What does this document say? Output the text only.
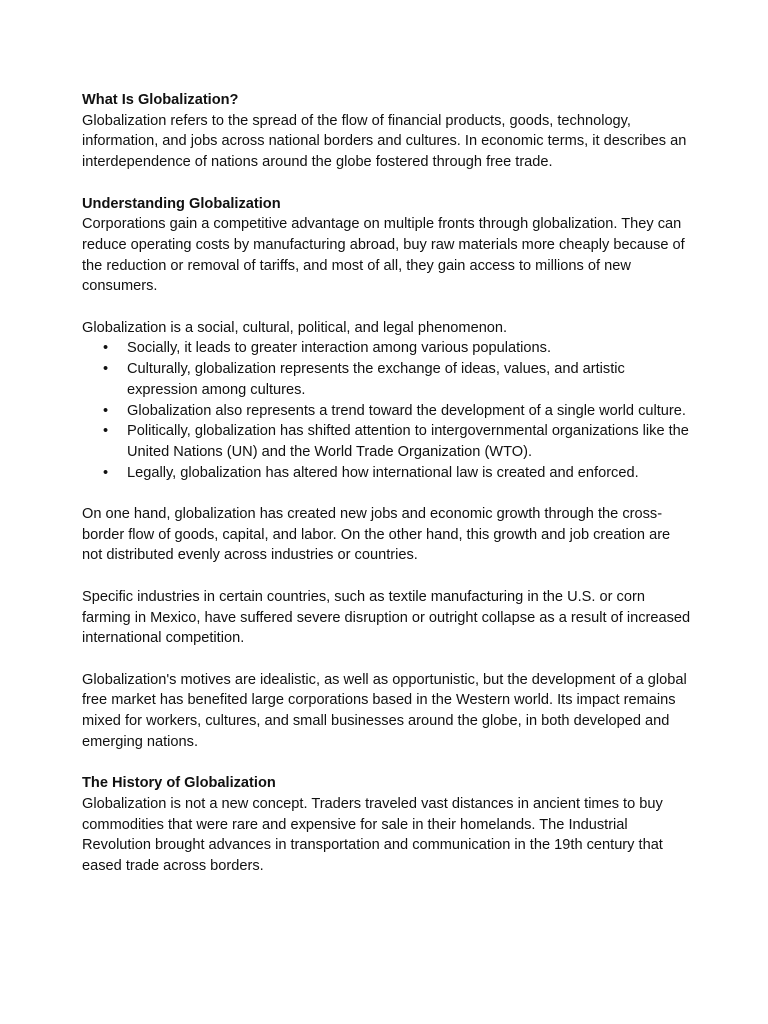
What Is Globalization?

Globalization refers to the spread of the flow of financial products, goods, technology, information, and jobs across national borders and cultures. In economic terms, it describes an interdependence of nations around the globe fostered through free trade.

Understanding Globalization

Corporations gain a competitive advantage on multiple fronts through globalization. They can reduce operating costs by manufacturing abroad, buy raw materials more cheaply because of the reduction or removal of tariffs, and most of all, they gain access to millions of new consumers.

Globalization is a social, cultural, political, and legal phenomenon.

• Socially, it leads to greater interaction among various populations.
• Culturally, globalization represents the exchange of ideas, values, and artistic expression among cultures.
• Globalization also represents a trend toward the development of a single world culture.
• Politically, globalization has shifted attention to intergovernmental organizations like the United Nations (UN) and the World Trade Organization (WTO).
• Legally, globalization has altered how international law is created and enforced.

On one hand, globalization has created new jobs and economic growth through the cross-border flow of goods, capital, and labor. On the other hand, this growth and job creation are not distributed evenly across industries or countries.

Specific industries in certain countries, such as textile manufacturing in the U.S. or corn farming in Mexico, have suffered severe disruption or outright collapse as a result of increased international competition.

Globalization's motives are idealistic, as well as opportunistic, but the development of a global free market has benefited large corporations based in the Western world. Its impact remains mixed for workers, cultures, and small businesses around the globe, in both developed and emerging nations.

The History of Globalization

Globalization is not a new concept. Traders traveled vast distances in ancient times to buy commodities that were rare and expensive for sale in their homelands. The Industrial Revolution brought advances in transportation and communication in the 19th century that eased trade across borders.
